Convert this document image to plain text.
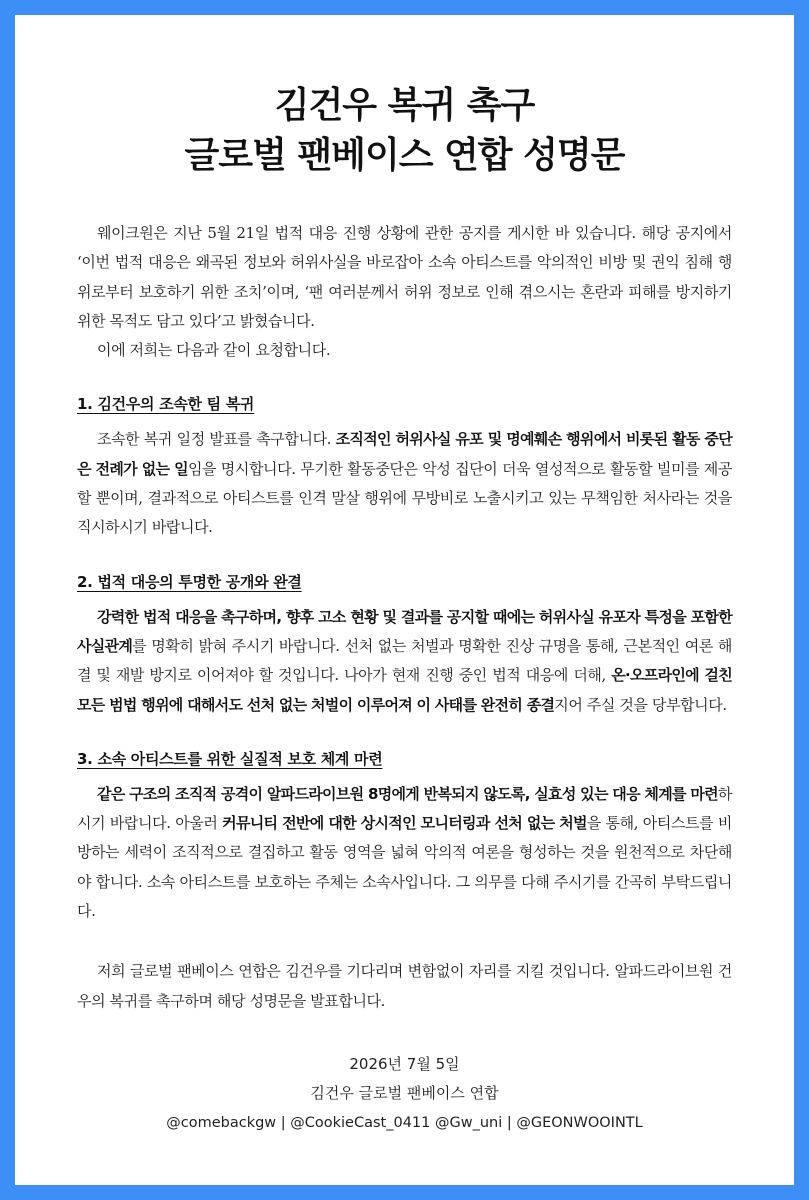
김건우 복귀 촉구
글로벌 팬베이스 연합 성명문

웨이크원은 지난 5월 21일 법적 대응 진행 상황에 관한 공지를 게시한 바 있습니다. 해당 공지에서 ‘이번 법적 대응은 왜곡된 정보와 허위사실을 바로잡아 소속 아티스트를 악의적인 비방 및 권익 침해 행위로부터 보호하기 위한 조치’이며, ‘팬 여러분께서 허위 정보로 인해 겪으시는 혼란과 피해를 방지하기 위한 목적도 담고 있다’고 밝혔습니다.

이에 저희는 다음과 같이 요청합니다.

1. 김건우의 조속한 팀 복귀

조속한 복귀 일정 발표를 촉구합니다. 조직적인 허위사실 유포 및 명예훼손 행위에서 비롯된 활동 중단은 전례가 없는 일임을 명시합니다. 무기한 활동중단은 악성 집단이 더욱 열성적으로 활동할 빌미를 제공할 뿐이며, 결과적으로 아티스트를 인격 말살 행위에 무방비로 노출시키고 있는 무책임한 처사라는 것을 직시하시기 바랍니다.

2. 법적 대응의 투명한 공개와 완결

강력한 법적 대응을 촉구하며, 향후 고소 현황 및 결과를 공지할 때에는 허위사실 유포자 특정을 포함한 사실관계를 명확히 밝혀 주시기 바랍니다. 선처 없는 처벌과 명확한 진상 규명을 통해, 근본적인 여론 해결 및 재발 방지로 이어져야 할 것입니다. 나아가 현재 진행 중인 법적 대응에 더해, 온·오프라인에 걸친 모든 범법 행위에 대해서도 선처 없는 처벌이 이루어져 이 사태를 완전히 종결지어 주실 것을 당부합니다.

3. 소속 아티스트를 위한 실질적 보호 체계 마련

같은 구조의 조직적 공격이 알파드라이브원 8명에게 반복되지 않도록, 실효성 있는 대응 체계를 마련하시기 바랍니다. 아울러 커뮤니티 전반에 대한 상시적인 모니터링과 선처 없는 처벌을 통해, 아티스트를 비방하는 세력이 조직적으로 결집하고 활동 영역을 넓혀 악의적 여론을 형성하는 것을 원천적으로 차단해야 합니다. 소속 아티스트를 보호하는 주체는 소속사입니다. 그 의무를 다해 주시기를 간곡히 부탁드립니다.

저희 글로벌 팬베이스 연합은 김건우를 기다리며 변함없이 자리를 지킬 것입니다. 알파드라이브원 건우의 복귀를 촉구하며 해당 성명문을 발표합니다.

2026년 7월 5일
김건우 글로벌 팬베이스 연합
@comebackgw | @CookieCast_0411 @Gw_uni | @GEONWOOINTL
